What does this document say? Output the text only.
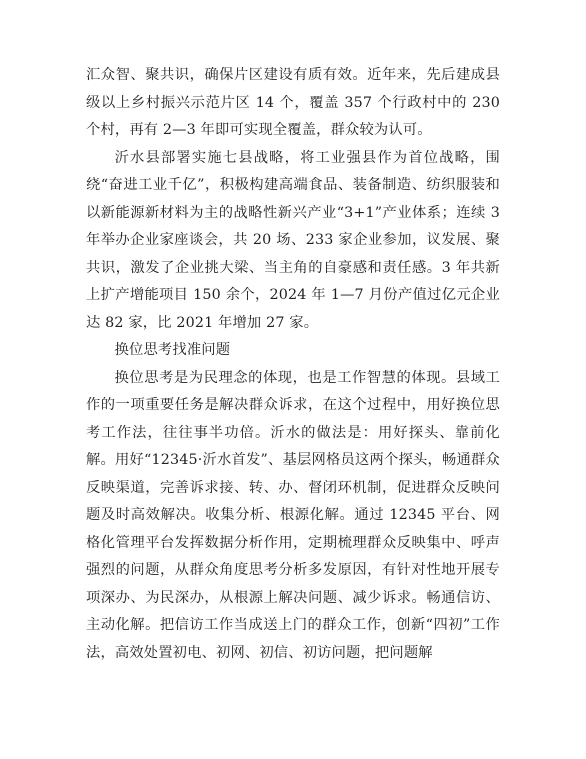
汇众智、聚共识，确保片区建设有质有效。近年来，先后建成县级以上乡村振兴示范片区 14 个，覆盖 357 个行政村中的 230 个村，再有 2—3 年即可实现全覆盖，群众较为认可。

沂水县部署实施七县战略，将工业强县作为首位战略，围绕“奋进工业千亿”，积极构建高端食品、装备制造、纺织服装和以新能源新材料为主的战略性新兴产业“3+1”产业体系；连续 3 年举办企业家座谈会，共 20 场、233 家企业参加，议发展、聚共识，激发了企业挑大梁、当主角的自豪感和责任感。3 年共新上扩产增能项目 150 余个，2024 年 1—7 月份产值过亿元企业达 82 家，比 2021 年增加 27 家。

换位思考找准问题

换位思考是为民理念的体现，也是工作智慧的体现。县域工作的一项重要任务是解决群众诉求，在这个过程中，用好换位思考工作法，往往事半功倍。沂水的做法是：用好探头、靠前化解。用好“12345·沂水首发”、基层网格员这两个探头，畅通群众反映渠道，完善诉求接、转、办、督闭环机制，促进群众反映问题及时高效解决。收集分析、根源化解。通过 12345 平台、网格化管理平台发挥数据分析作用，定期梳理群众反映集中、呼声强烈的问题，从群众角度思考分析多发原因，有针对性地开展专项深办、为民深办，从根源上解决问题、减少诉求。畅通信访、主动化解。把信访工作当成送上门的群众工作，创新“四初”工作法，高效处置初电、初网、初信、初访问题，把问题解
